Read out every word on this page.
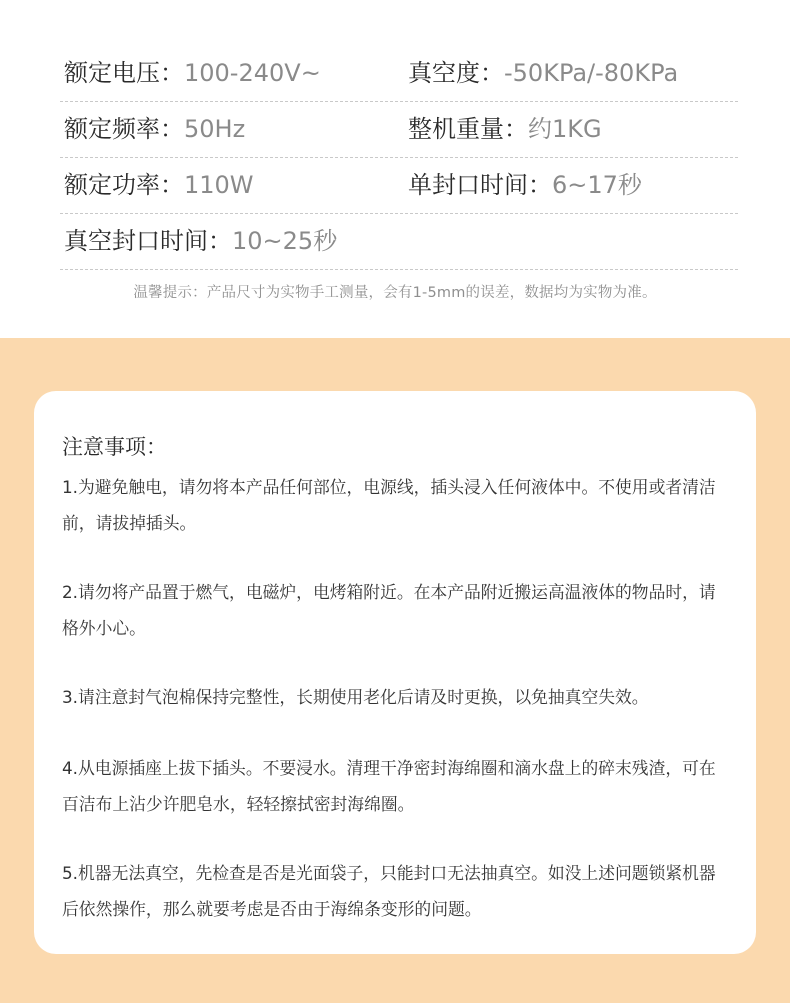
额定电压：100-240V~	真空度：-50KPa/-80KPa
额定频率：50Hz	整机重量：约1KG
额定功率：110W	单封口时间：6~17秒
真空封口时间：10~25秒
温馨提示：产品尺寸为实物手工测量，会有1-5mm的误差，数据均为实物为准。
注意事项：
1.为避免触电，请勿将本产品任何部位，电源线，插头浸入任何液体中。不使用或者清洁前，请拔掉插头。
2.请勿将产品置于燃气，电磁炉，电烤箱附近。在本产品附近搬运高温液体的物品时，请格外小心。
3.请注意封气泡棉保持完整性，长期使用老化后请及时更换，以免抽真空失效。
4.从电源插座上拔下插头。不要浸水。清理干净密封海绵圈和滴水盘上的碎末残渣，可在百洁布上沾少许肥皂水，轻轻擦拭密封海绵圈。
5.机器无法真空，先检查是否是光面袋子，只能封口无法抽真空。如没上述问题锁紧机器后依然操作，那么就要考虑是否由于海绵条变形的问题。
